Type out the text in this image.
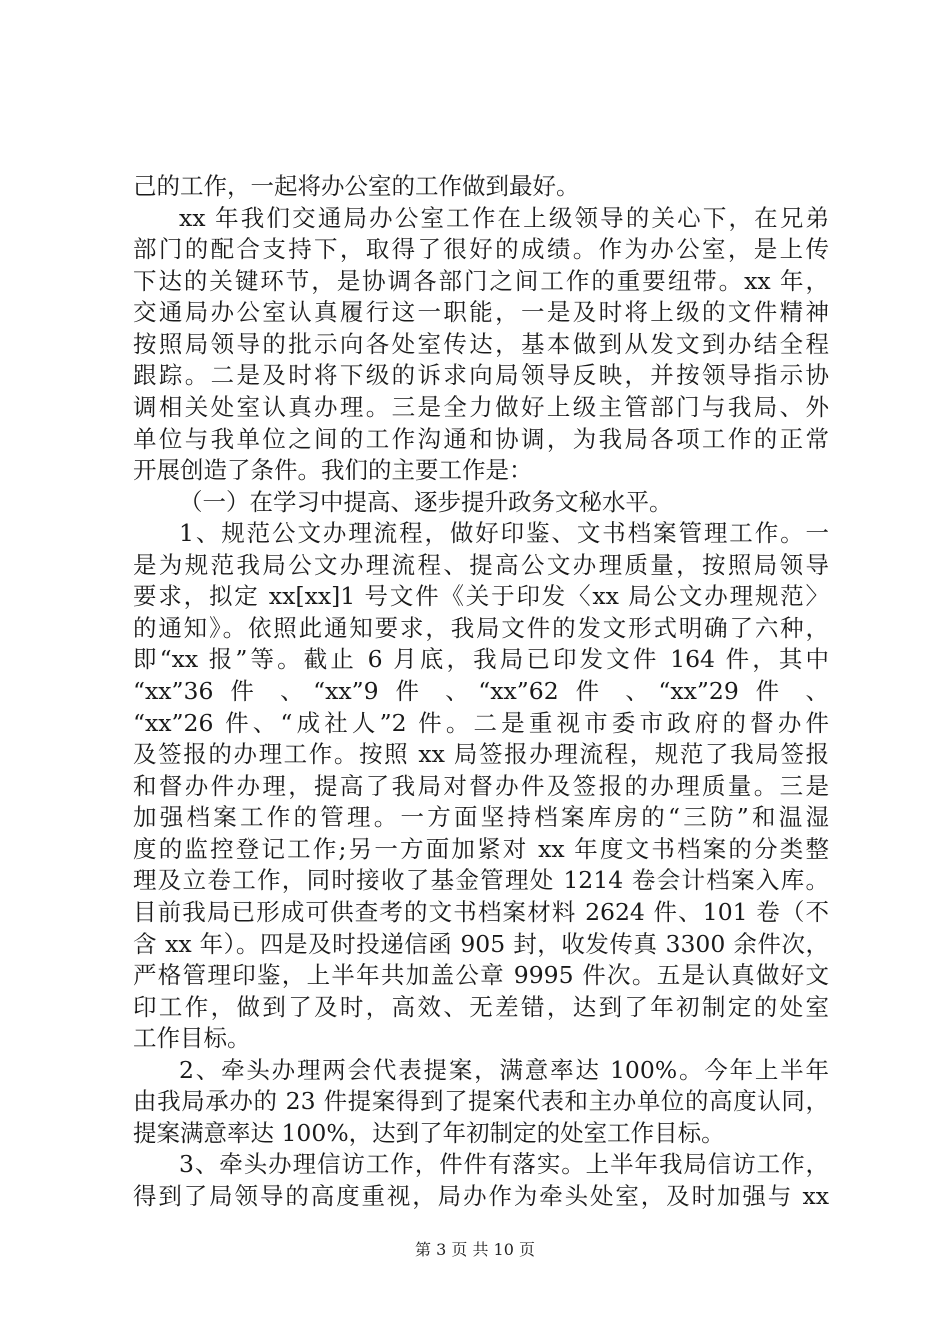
己的工作，一起将办公室的工作做到最好。
xx 年我们交通局办公室工作在上级领导的关心下，在兄弟
部门的配合支持下，取得了很好的成绩。作为办公室，是上传
下达的关键环节，是协调各部门之间工作的重要纽带。xx 年，
交通局办公室认真履行这一职能，一是及时将上级的文件精神
按照局领导的批示向各处室传达，基本做到从发文到办结全程
跟踪。二是及时将下级的诉求向局领导反映，并按领导指示协
调相关处室认真办理。三是全力做好上级主管部门与我局、外
单位与我单位之间的工作沟通和协调，为我局各项工作的正常
开展创造了条件。我们的主要工作是：
（一）在学习中提高、逐步提升政务文秘水平。
1、规范公文办理流程，做好印鉴、文书档案管理工作。一
是为规范我局公文办理流程、提高公文办理质量，按照局领导
要求，拟定 xx[xx]1 号文件《关于印发〈xx 局公文办理规范〉
的通知》。依照此通知要求，我局文件的发文形式明确了六种，
即“xx 报”等。截止 6 月底，我局已印发文件 164 件，其中
“xx”36 件 、“xx”9 件 、“xx”62 件 、“xx”29 件 、
“xx”26 件、“成社人”2 件。二是重视市委市政府的督办件
及签报的办理工作。按照 xx 局签报办理流程，规范了我局签报
和督办件办理，提高了我局对督办件及签报的办理质量。三是
加强档案工作的管理。一方面坚持档案库房的“三防”和温湿
度的监控登记工作;另一方面加紧对 xx 年度文书档案的分类整
理及立卷工作，同时接收了基金管理处 1214 卷会计档案入库。
目前我局已形成可供查考的文书档案材料 2624 件、101 卷（不
含 xx 年）。四是及时投递信函 905 封，收发传真 3300 余件次，
严格管理印鉴，上半年共加盖公章 9995 件次。五是认真做好文
印工作，做到了及时，高效、无差错，达到了年初制定的处室
工作目标。
2、牵头办理两会代表提案，满意率达 100%。今年上半年
由我局承办的 23 件提案得到了提案代表和主办单位的高度认同，
提案满意率达 100%，达到了年初制定的处室工作目标。
3、牵头办理信访工作，件件有落实。上半年我局信访工作，
得到了局领导的高度重视，局办作为牵头处室，及时加强与 xx
第 3 页 共 10 页
